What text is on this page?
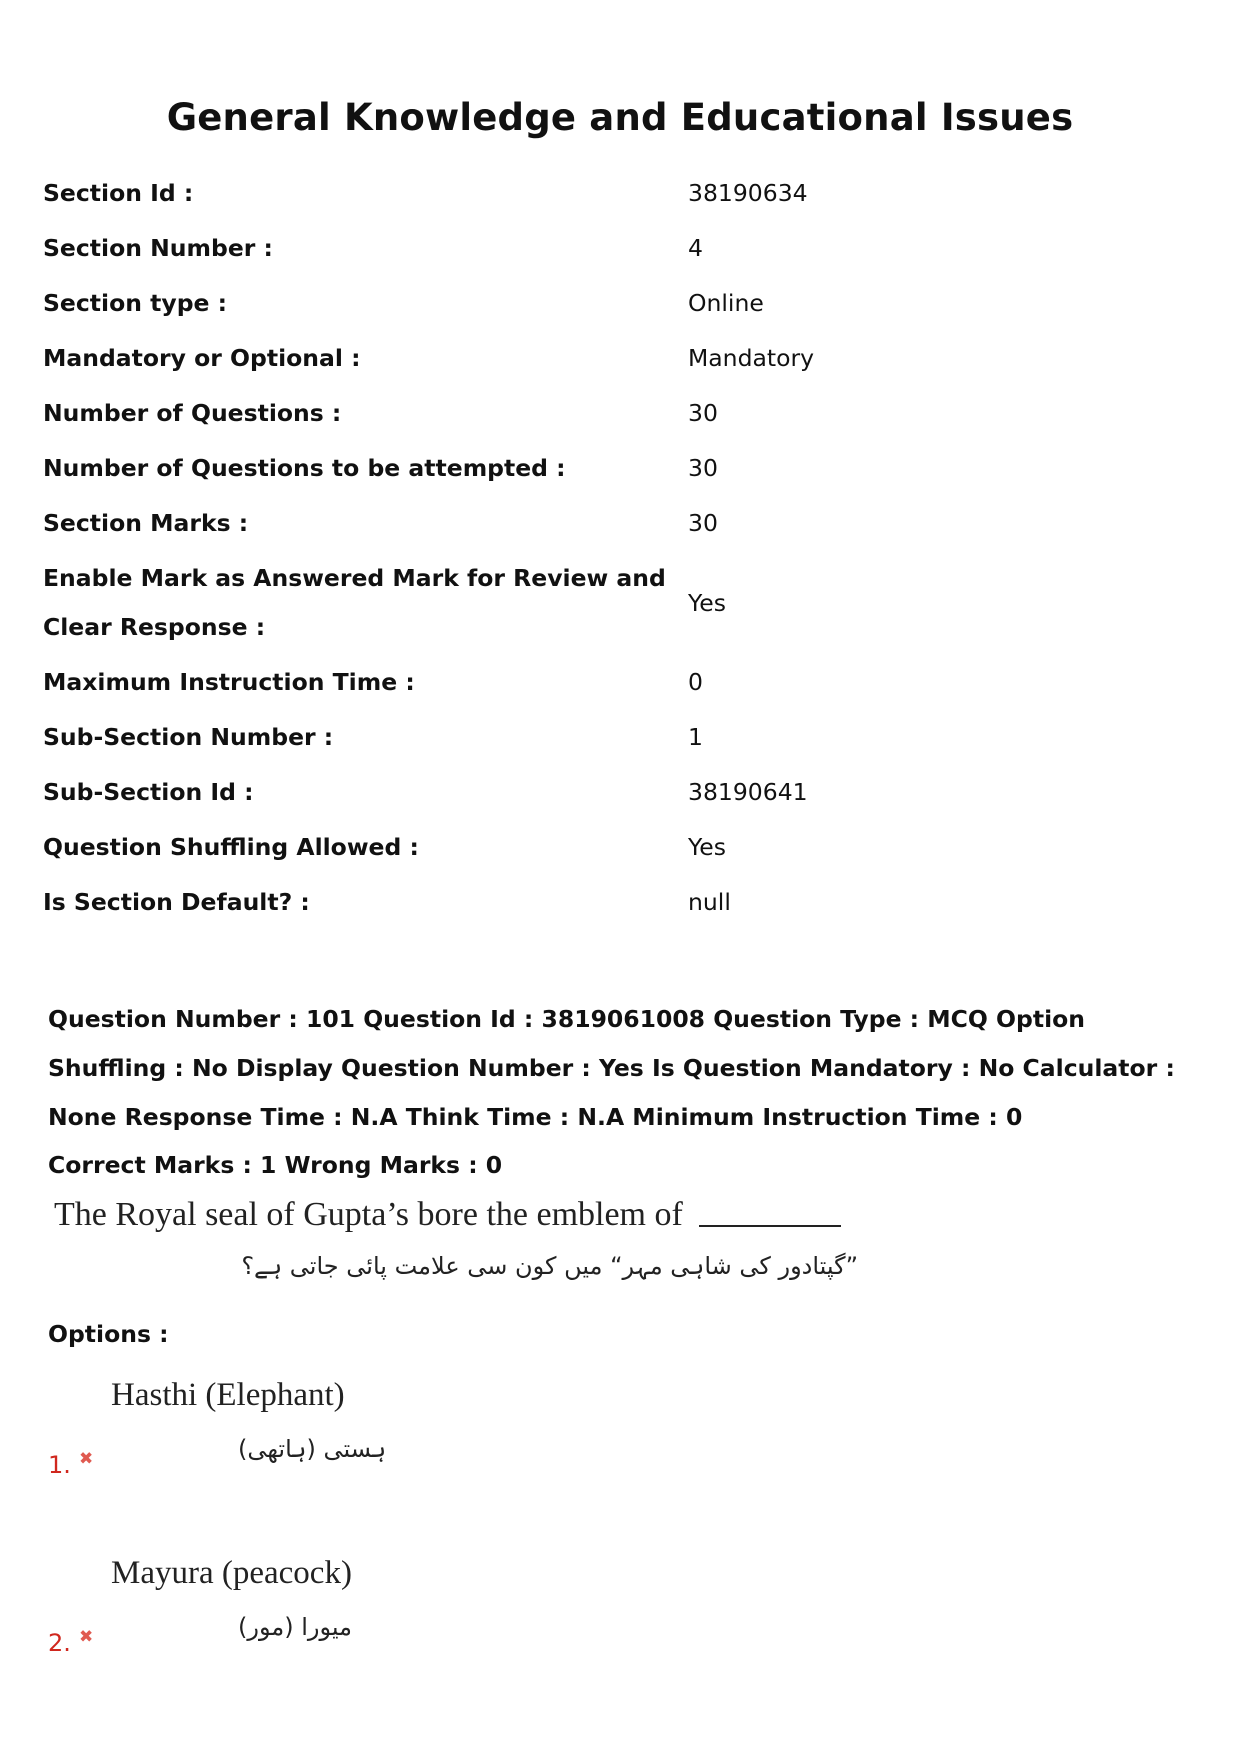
General Knowledge and Educational Issues
Section Id :	38190634
Section Number :	4
Section type :	Online
Mandatory or Optional :	Mandatory
Number of Questions :	30
Number of Questions to be attempted :	30
Section Marks :	30
Enable Mark as Answered Mark for Review and Clear Response :
Yes
Maximum Instruction Time :	0
Sub-Section Number :	1
Sub-Section Id :	38190641
Question Shuffling Allowed :	Yes
Is Section Default? :	null
Question Number : 101 Question Id : 3819061008 Question Type : MCQ Option Shuffling : No Display Question Number : Yes Is Question Mandatory : No Calculator : None Response Time : N.A Think Time : N.A Minimum Instruction Time : 0
Correct Marks : 1 Wrong Marks : 0
The Royal seal of Gupta’s bore the emblem of
”گپتادور کی شاہی مہر“ میں کون سی علامت پائی جاتی ہے؟
Options :
Hasthi (Elephant)
ہستی (ہاتھی)
1. ✖
Mayura (peacock)
میورا (مور)
2. ✖
